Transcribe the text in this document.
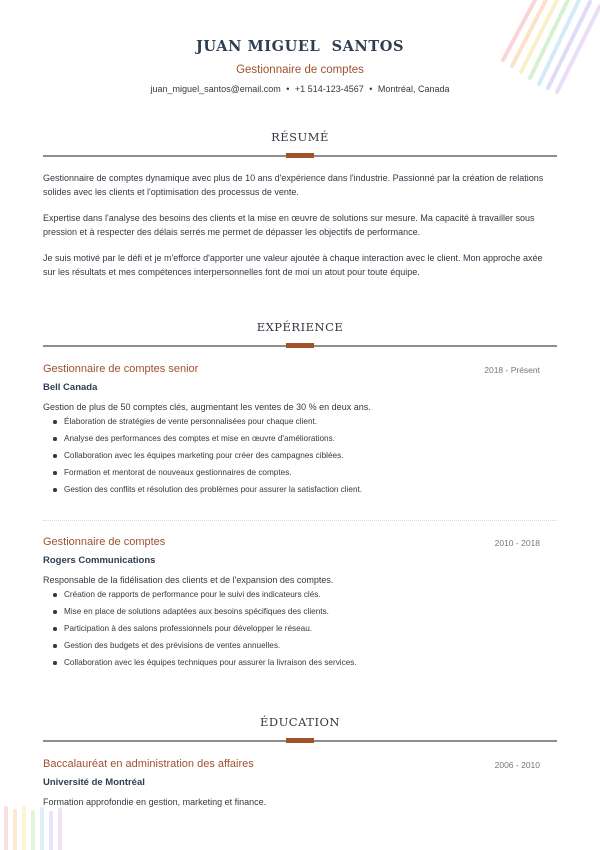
JUAN MIGUEL  SANTOS
Gestionnaire de comptes
juan_miguel_santos@email.com • +1 514-123-4567 • Montréal, Canada
RÉSUMÉ

Gestionnaire de comptes dynamique avec plus de 10 ans d'expérience dans l'industrie. Passionné par la création de relations solides avec les clients et l'optimisation des processus de vente.

Expertise dans l'analyse des besoins des clients et la mise en œuvre de solutions sur mesure. Ma capacité à travailler sous pression et à respecter des délais serrés me permet de dépasser les objectifs de performance.

Je suis motivé par le défi et je m'efforce d'apporter une valeur ajoutée à chaque interaction avec le client. Mon approche axée sur les résultats et mes compétences interpersonnelles font de moi un atout pour toute équipe.

EXPÉRIENCE
Gestionnaire de comptes senior	2018 - Présent
Bell Canada
Gestion de plus de 50 comptes clés, augmentant les ventes de 30 % en deux ans.
Élaboration de stratégies de vente personnalisées pour chaque client.
Analyse des performances des comptes et mise en œuvre d'améliorations.
Collaboration avec les équipes marketing pour créer des campagnes ciblées.
Formation et mentorat de nouveaux gestionnaires de comptes.
Gestion des conflits et résolution des problèmes pour assurer la satisfaction client.
Gestionnaire de comptes	2010 - 2018
Rogers Communications
Responsable de la fidélisation des clients et de l'expansion des comptes.
Création de rapports de performance pour le suivi des indicateurs clés.
Mise en place de solutions adaptées aux besoins spécifiques des clients.
Participation à des salons professionnels pour développer le réseau.
Gestion des budgets et des prévisions de ventes annuelles.
Collaboration avec les équipes techniques pour assurer la livraison des services.
ÉDUCATION
Baccalauréat en administration des affaires	2006 - 2010
Université de Montréal
Formation approfondie en gestion, marketing et finance.
